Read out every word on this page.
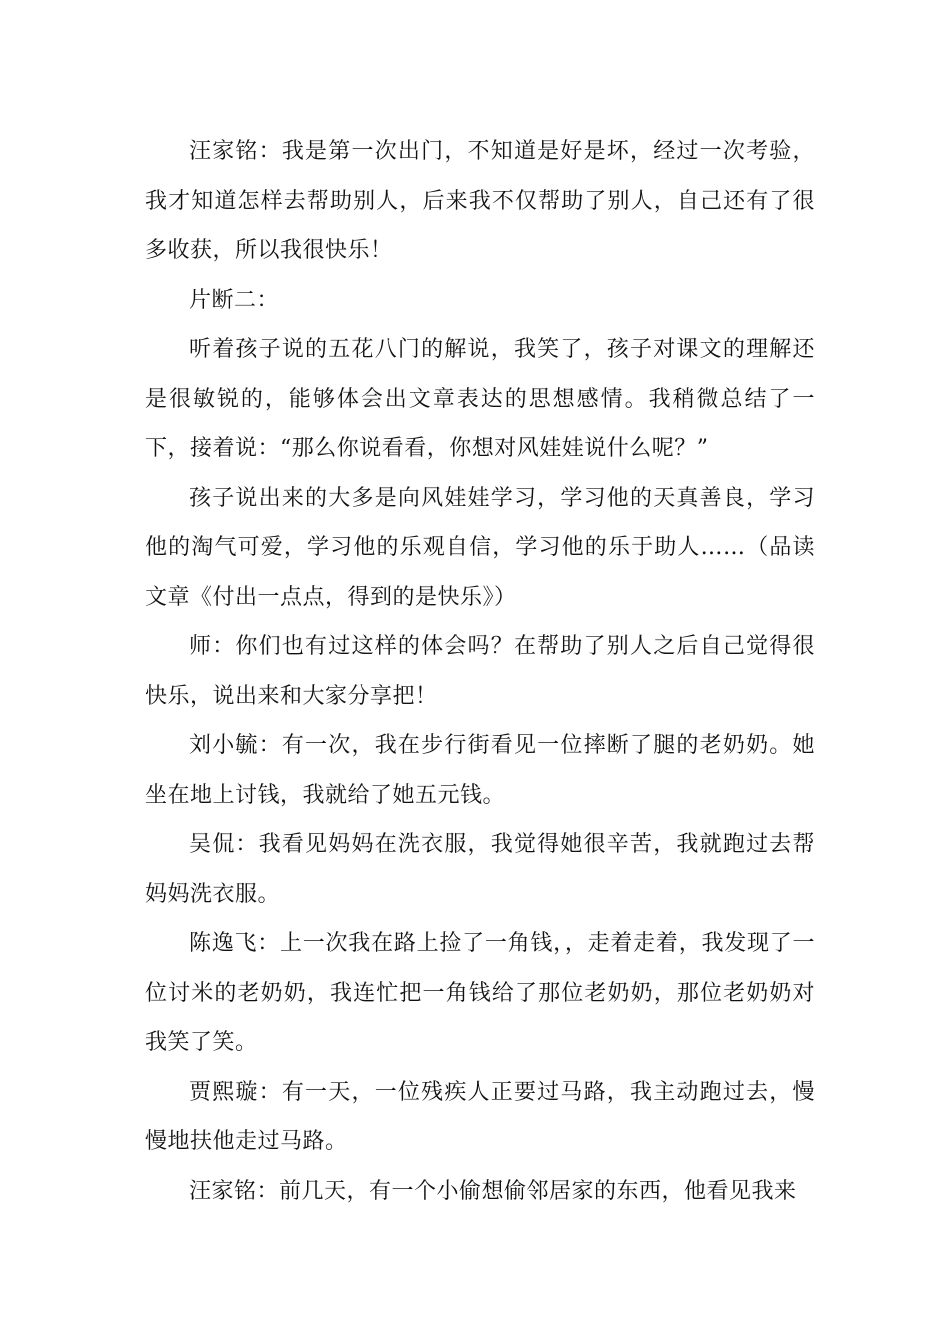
汪家铭：我是第一次出门，不知道是好是坏，经过一次考验，我才知道怎样去帮助别人，后来我不仅帮助了别人，自己还有了很多收获，所以我很快乐！

片断二：

听着孩子说的五花八门的解说，我笑了，孩子对课文的理解还是很敏锐的，能够体会出文章表达的思想感情。我稍微总结了一下，接着说：“那么你说看看，你想对风娃娃说什么呢？”

孩子说出来的大多是向风娃娃学习，学习他的天真善良，学习他的淘气可爱，学习他的乐观自信，学习他的乐于助人……（品读文章《付出一点点，得到的是快乐》）

师：你们也有过这样的体会吗？在帮助了别人之后自己觉得很快乐，说出来和大家分享把！

刘小毓：有一次，我在步行街看见一位摔断了腿的老奶奶。她坐在地上讨钱，我就给了她五元钱。

吴侃：我看见妈妈在洗衣服，我觉得她很辛苦，我就跑过去帮妈妈洗衣服。

陈逸飞：上一次我在路上捡了一角钱，，走着走着，我发现了一位讨米的老奶奶，我连忙把一角钱给了那位老奶奶，那位老奶奶对我笑了笑。

贾熙璇：有一天，一位残疾人正要过马路，我主动跑过去，慢慢地扶他走过马路。

汪家铭：前几天，有一个小偷想偷邻居家的东西，他看见我来
